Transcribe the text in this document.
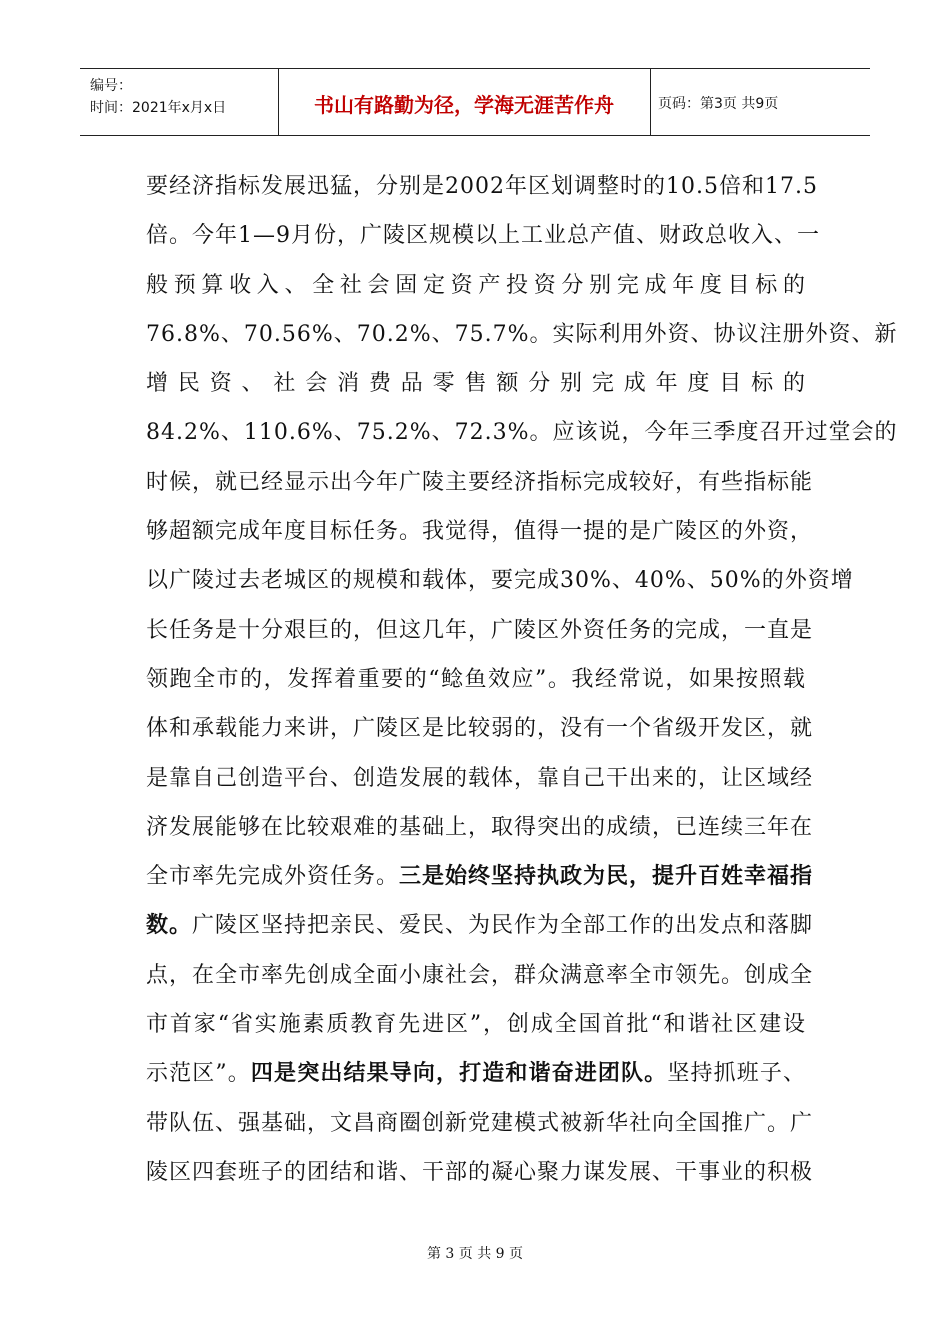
编号：
时间：2021年x月x日	书山有路勤为径，学海无涯苦作舟	页码：第3页 共9页
要经济指标发展迅猛，分别是2002年区划调整时的10.5倍和17.5
倍。今年1—9月份，广陵区规模以上工业总产值、财政总收入、一
般预算收入、全社会固定资产投资分别完成年度目标的
76.8%、70.56%、70.2%、75.7%。实际利用外资、协议注册外资、新
增民资、社会消费品零售额分别完成年度目标的
84.2%、110.6%、75.2%、72.3%。应该说，今年三季度召开过堂会的
时候，就已经显示出今年广陵主要经济指标完成较好，有些指标能
够超额完成年度目标任务。我觉得，值得一提的是广陵区的外资，
以广陵过去老城区的规模和载体，要完成30%、40%、50%的外资增
长任务是十分艰巨的，但这几年，广陵区外资任务的完成，一直是
领跑全市的，发挥着重要的“鲶鱼效应”。我经常说，如果按照载
体和承载能力来讲，广陵区是比较弱的，没有一个省级开发区，就
是靠自己创造平台、创造发展的载体，靠自己干出来的，让区域经
济发展能够在比较艰难的基础上，取得突出的成绩，已连续三年在
全市率先完成外资任务。三是始终坚持执政为民，提升百姓幸福指
数。广陵区坚持把亲民、爱民、为民作为全部工作的出发点和落脚
点，在全市率先创成全面小康社会，群众满意率全市领先。创成全
市首家“省实施素质教育先进区”，创成全国首批“和谐社区建设
示范区”。四是突出结果导向，打造和谐奋进团队。坚持抓班子、
带队伍、强基础，文昌商圈创新党建模式被新华社向全国推广。广
陵区四套班子的团结和谐、干部的凝心聚力谋发展、干事业的积极
第 3 页 共 9 页
